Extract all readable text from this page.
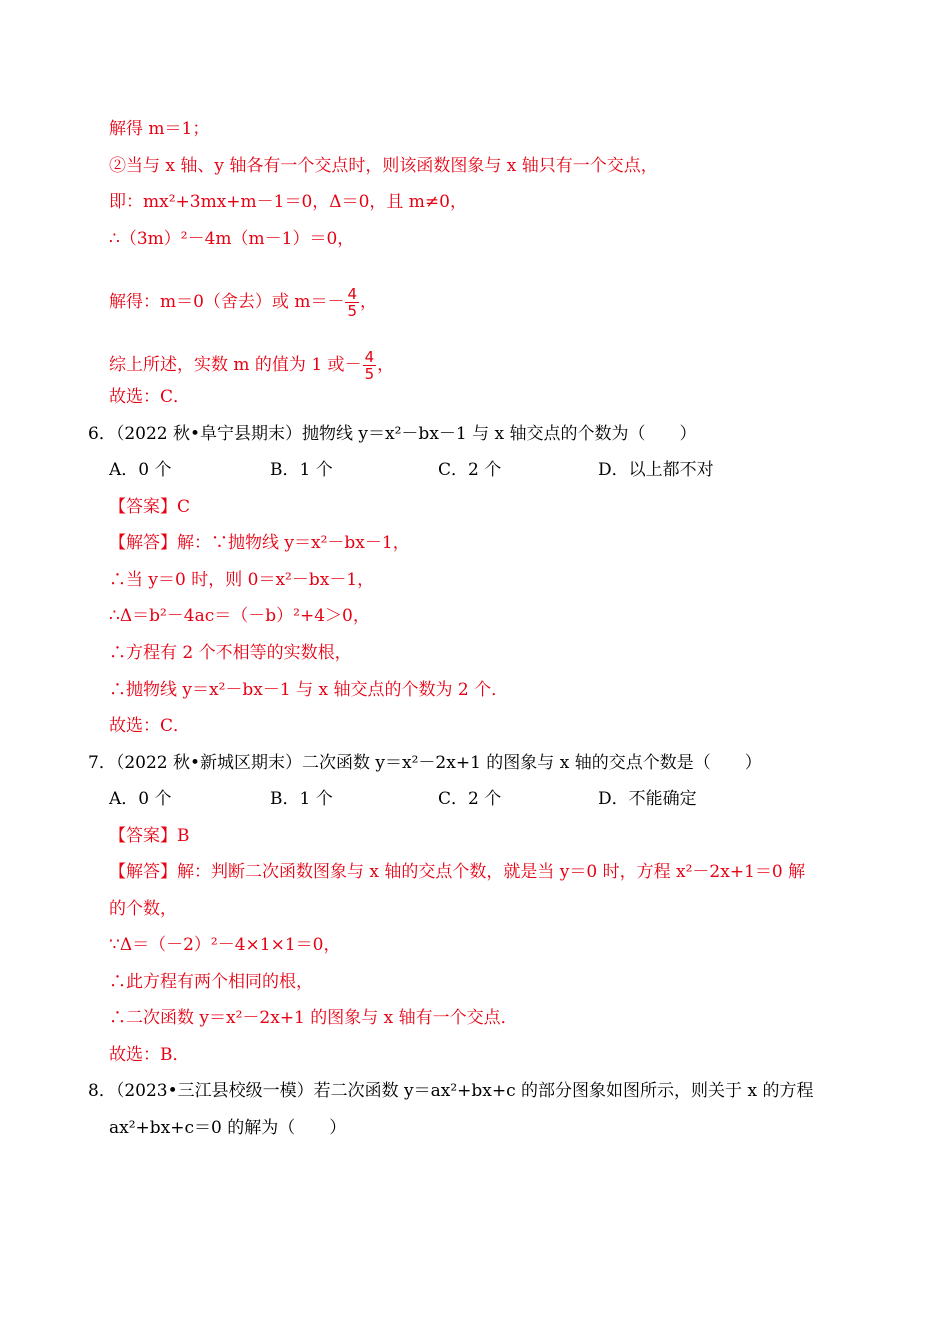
解得 m＝1；
②当与 x 轴、y 轴各有一个交点时，则该函数图象与 x 轴只有一个交点，
即：mx²+3mx+m－1＝0，Δ＝0，且 m≠0，
∴（3m）²－4m（m－1）＝0，
解得：m＝0（舍去）或 $m=- \frac{4}{5}$ ，
综上所述，实数 m 的值为 1 或－ $\frac{4}{5}$ ，
故选：C．
6．（2022 秋•阜宁县期末）抛物线 y＝x²－bx－1 与 x 轴交点的个数为（　　）
A．0 个	B．1 个	C．2 个	D．以上都不对
【答案】C
【解答】解：∵抛物线 y＝x²－bx－1，
∴当 y＝0 时，则 0＝x²－bx－1，
∴Δ＝b²－4ac＝（－b）²+4＞0，
∴方程有 2 个不相等的实数根，
∴抛物线 y＝x²－bx－1 与 x 轴交点的个数为 2 个．
故选：C．
7．（2022 秋•新城区期末）二次函数 y＝x²－2x+1 的图象与 x 轴的交点个数是（　　）
A．0 个	B．1 个	C．2 个	D．不能确定
【答案】B
【解答】解：判断二次函数图象与 x 轴的交点个数，就是当 y＝0 时，方程 x²－2x+1＝0 解
的个数，
∵Δ＝（－2）²－4×1×1＝0，
∴此方程有两个相同的根，
∴二次函数 y＝x²－2x+1 的图象与 x 轴有一个交点．
故选：B．
8．（2023•三江县校级一模）若二次函数 y＝ax²+bx+c 的部分图象如图所示，则关于 x 的方程
ax²+bx+c＝0 的解为（　　）
